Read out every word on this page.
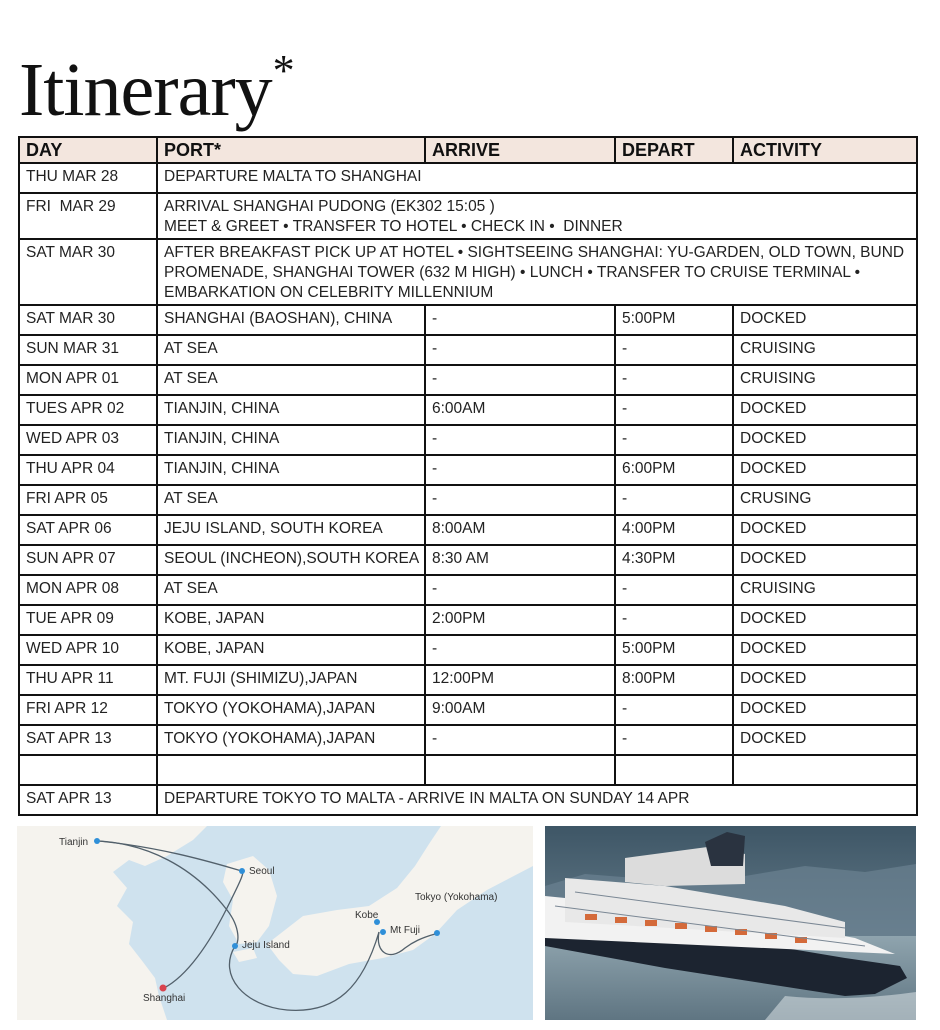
Itinerary*
DAY	PORT*	ARRIVE	DEPART	ACTIVITY
THU MAR 28	DEPARTURE MALTA TO SHANGHAI			
FRI  MAR 29	ARRIVAL SHANGHAI PUDONG (EK302 15:05 )
MEET & GREET • TRANSFER TO HOTEL • CHECK IN •  DINNER			

SAT MAR 30	AFTER BREAKFAST PICK UP AT HOTEL • SIGHTSEEING SHANGHAI: YU-GARDEN, OLD TOWN, BUND PROMENADE, SHANGHAI TOWER (632 M HIGH) • LUNCH • TRANSFER TO CRUISE TERMINAL • EMBARKATION ON CELEBRITY MILLENNIUM			
SAT MAR 30	SHANGHAI (BAOSHAN), CHINA	-	5:00PM	DOCKED
SUN MAR 31	AT SEA	-	-	CRUISING
MON APR 01	AT SEA	-	-	CRUISING
TUES APR 02	TIANJIN, CHINA	6:00AM	-	DOCKED
WED APR 03	TIANJIN, CHINA	-	-	DOCKED
THU APR 04	TIANJIN, CHINA	-	6:00PM	DOCKED
FRI APR 05	AT SEA	-	-	CRUSING
SAT APR 06	JEJU ISLAND, SOUTH KOREA	8:00AM	4:00PM	DOCKED
SUN APR 07	SEOUL (INCHEON),SOUTH KOREA	8:30 AM	4:30PM	DOCKED
MON APR 08	AT SEA	-	-	CRUISING
TUE APR 09	KOBE, JAPAN	2:00PM	-	DOCKED
WED APR 10	KOBE, JAPAN	-	5:00PM	DOCKED
THU APR 11	MT. FUJI (SHIMIZU),JAPAN	12:00PM	8:00PM	DOCKED
FRI APR 12	TOKYO (YOKOHAMA),JAPAN	9:00AM	-	DOCKED
SAT APR 13	TOKYO (YOKOHAMA),JAPAN	-	-	DOCKED

SAT APR 13	DEPARTURE TOKYO TO MALTA - ARRIVE IN MALTA ON SUNDAY 14 APR			
Tianjin
Seoul
Jeju Island
Shanghai
Kobe
Mt Fuji
Tokyo (Yokohama)
